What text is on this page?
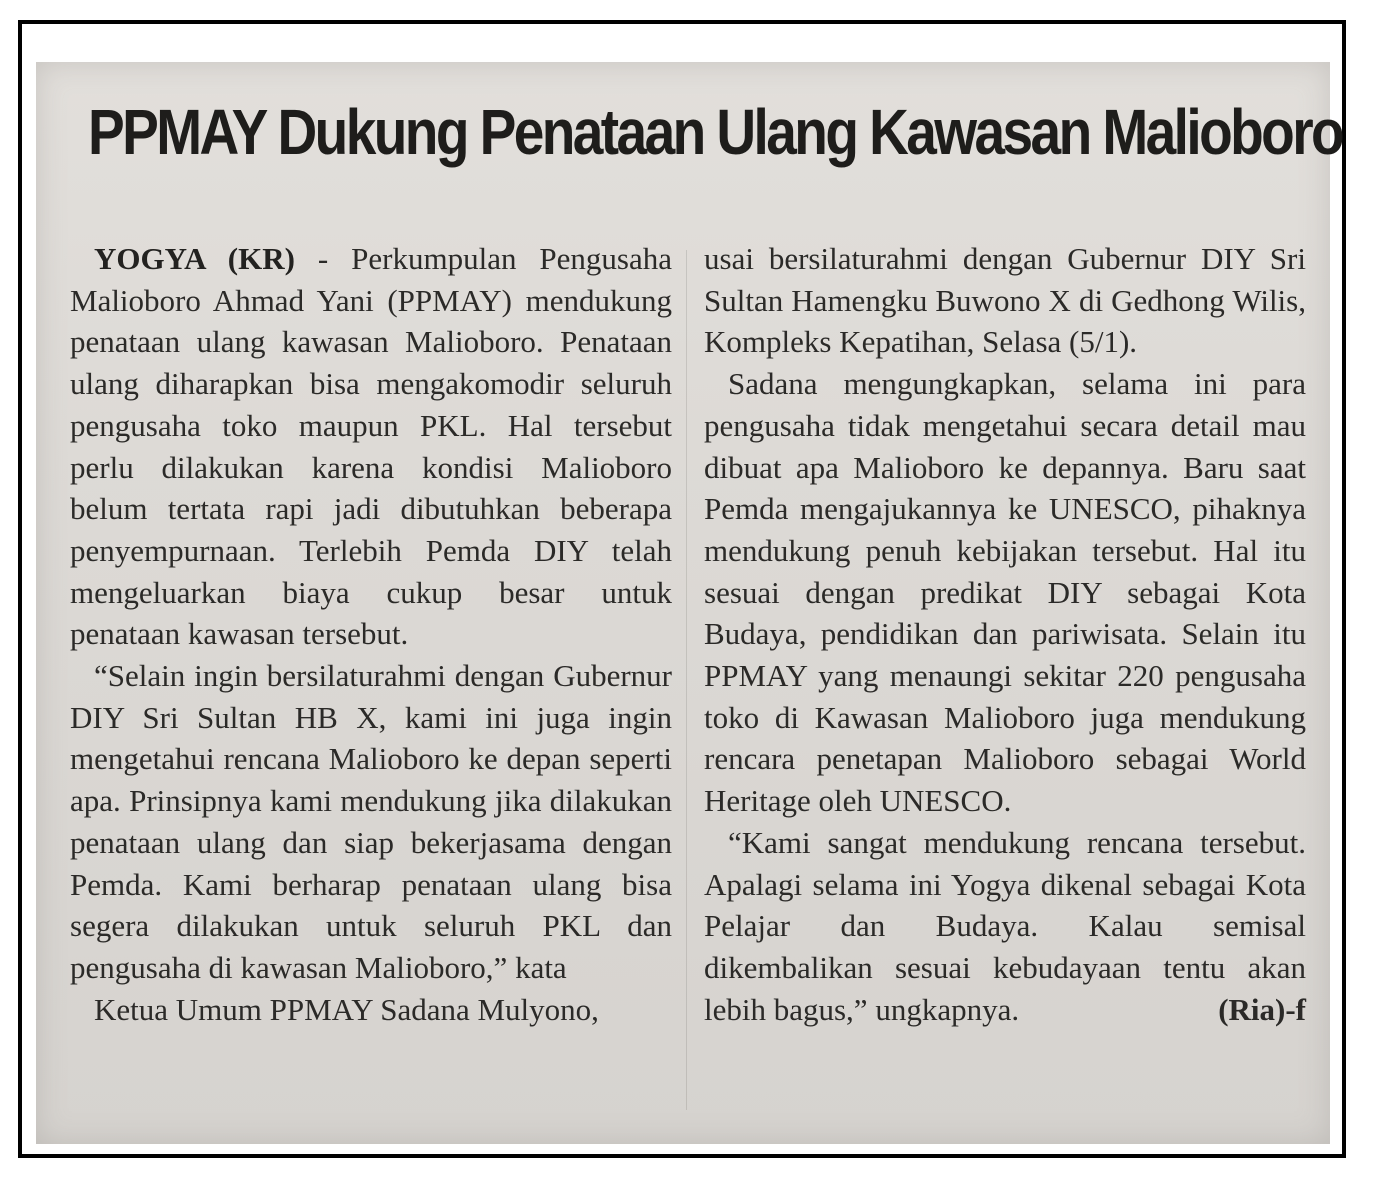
PPMAY Dukung Penataan Ulang Kawasan Malioboro

YOGYA (KR) - Perkumpulan Pengusaha Malioboro Ahmad Yani (PPMAY) mendukung penataan ulang kawasan Malioboro. Penataan ulang diharapkan bisa mengakomodir seluruh pengusaha toko maupun PKL. Hal tersebut perlu dilakukan karena kondisi Malioboro belum tertata rapi jadi dibutuhkan beberapa penyempurnaan. Terlebih Pemda DIY telah mengeluarkan biaya cukup besar untuk penataan kawasan tersebut.

“Selain ingin bersilaturahmi dengan Gubernur DIY Sri Sultan HB X, kami ini juga ingin mengetahui rencana Malioboro ke depan seperti apa. Prinsipnya kami mendukung jika dilakukan penataan ulang dan siap bekerjasama dengan Pemda. Kami berharap penataan ulang bisa segera dilakukan untuk seluruh PKL dan pengusaha di kawasan Malioboro,” kata

Ketua Umum PPMAY Sadana Mulyono,

usai bersilaturahmi dengan Gubernur DIY Sri Sultan Hamengku Buwono X di Gedhong Wilis, Kompleks Kepatihan, Selasa (5/1).

Sadana mengungkapkan, selama ini para pengusaha tidak mengetahui secara detail mau dibuat apa Malioboro ke depannya. Baru saat Pemda mengajukannya ke UNESCO, pihaknya mendukung penuh kebijakan tersebut. Hal itu sesuai dengan predikat DIY sebagai Kota Budaya, pendidikan dan pariwisata. Selain itu PPMAY yang menaungi sekitar 220 pengusaha toko di Kawasan Malioboro juga mendukung rencara penetapan Malioboro sebagai World Heritage oleh UNESCO.

“Kami sangat mendukung rencana tersebut. Apalagi selama ini Yogya dikenal sebagai Kota Pelajar dan Budaya. Kalau semisal dikembalikan sesuai kebudayaan tentu akan lebih bagus,” ungkapnya.	(Ria)-f
